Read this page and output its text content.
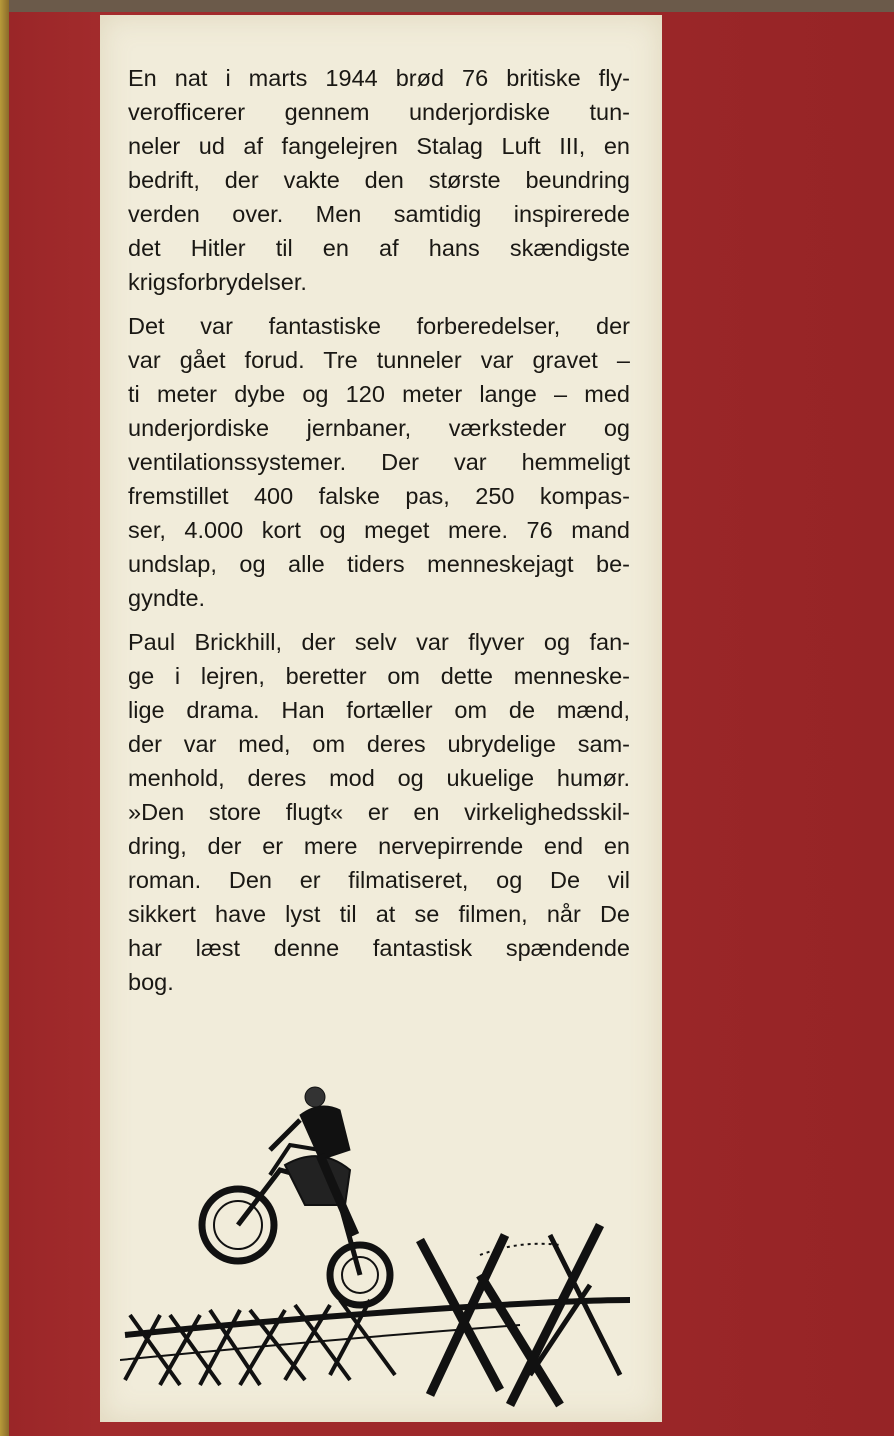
En nat i marts 1944 brød 76 britiske fly-
verofficerer gennem underjordiske tun-
neler ud af fangelejren Stalag Luft III, en
bedrift, der vakte den største beundring
verden over. Men samtidig inspirerede
det Hitler til en af hans skændigste
krigsforbrydelser.
Det var fantastiske forberedelser, der
var gået forud. Tre tunneler var gravet –
ti meter dybe og 120 meter lange – med
underjordiske jernbaner, værksteder og
ventilationssystemer. Der var hemmeligt
fremstillet 400 falske pas, 250 kompas-
ser, 4.000 kort og meget mere. 76 mand
undslap, og alle tiders menneskejagt be-
gyndte.
Paul Brickhill, der selv var flyver og fan-
ge i lejren, beretter om dette menneske-
lige drama. Han fortæller om de mænd,
der var med, om deres ubrydelige sam-
menhold, deres mod og ukuelige humør.
»Den store flugt« er en virkelighedsskil-
dring, der er mere nervepirrende end en
roman. Den er filmatiseret, og De vil
sikkert have lyst til at se filmen, når De
har læst denne fantastisk spændende
bog.
